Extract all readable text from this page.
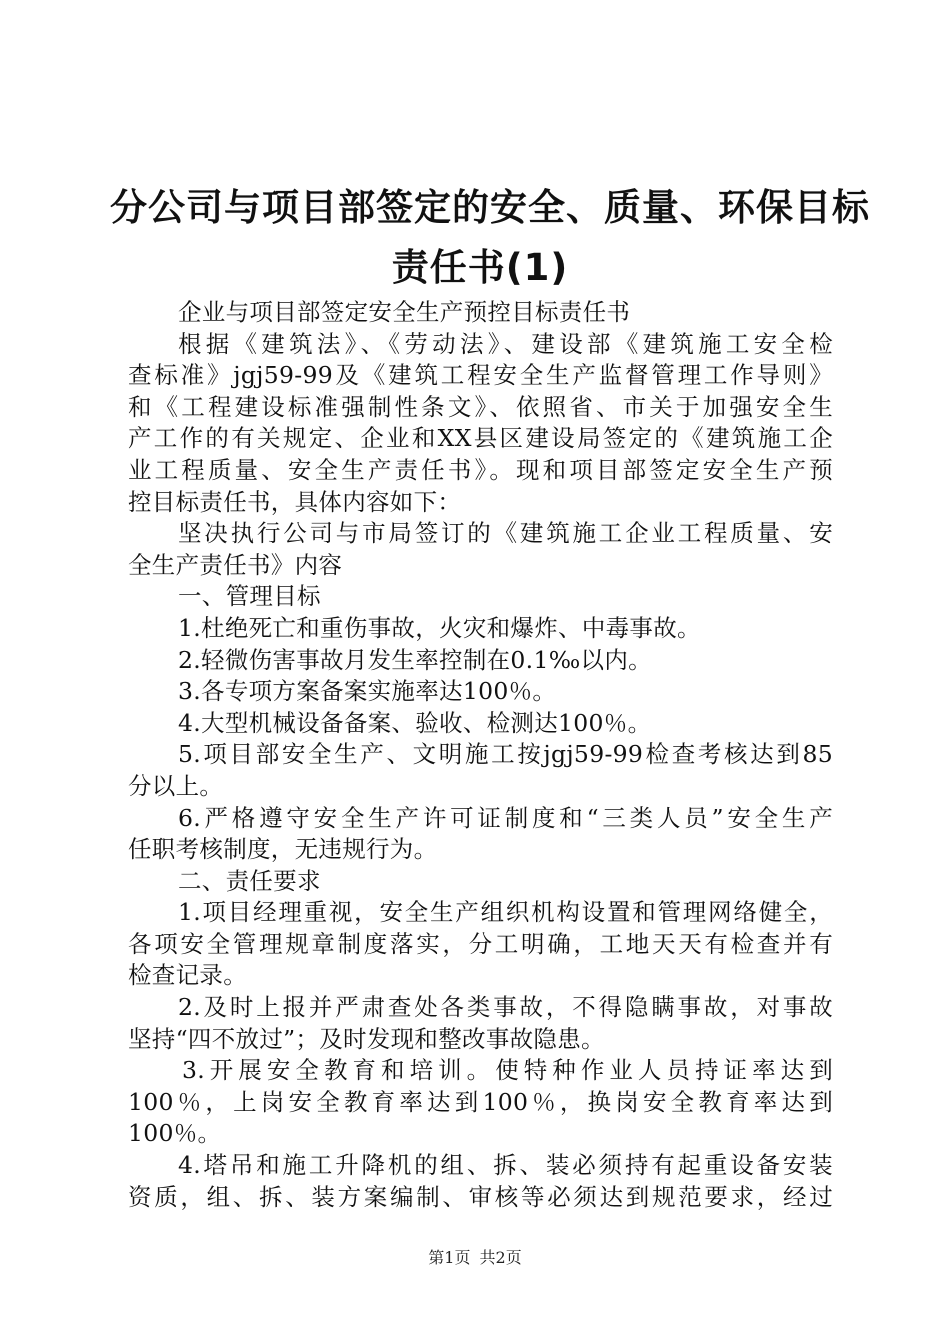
分公司与项目部签定的安全、质量、环保目标
责任书(1)
企业与项目部签定安全生产预控目标责任书
根据《建筑法》、《劳动法》、建设部《建筑施工安全检
查标准》jgj59-99及《建筑工程安全生产监督管理工作导则》
和《工程建设标准强制性条文》、依照省、市关于加强安全生
产工作的有关规定、企业和XX县区建设局签定的《建筑施工企
业工程质量、安全生产责任书》。现和项目部签定安全生产预
控目标责任书，具体内容如下：
坚决执行公司与市局签订的《建筑施工企业工程质量、安
全生产责任书》内容
一、管理目标
1.杜绝死亡和重伤事故，火灾和爆炸、中毒事故。
2.轻微伤害事故月发生率控制在0.1‰以内。
3.各专项方案备案实施率达100％。
4.大型机械设备备案、验收、检测达100％。
5.项目部安全生产、文明施工按jgj59-99检查考核达到85
分以上。
6.严格遵守安全生产许可证制度和“三类人员”安全生产
任职考核制度，无违规行为。
二、责任要求
1.项目经理重视，安全生产组织机构设置和管理网络健全，
各项安全管理规章制度落实，分工明确，工地天天有检查并有
检查记录。
2.及时上报并严肃查处各类事故，不得隐瞒事故，对事故
坚持“四不放过”；及时发现和整改事故隐患。
3.开展安全教育和培训。使特种作业人员持证率达到
100％，上岗安全教育率达到100％，换岗安全教育率达到
100％。
4.塔吊和施工升降机的组、拆、装必须持有起重设备安装
资质，组、拆、装方案编制、审核等必须达到规范要求，经过
第1页 共2页
